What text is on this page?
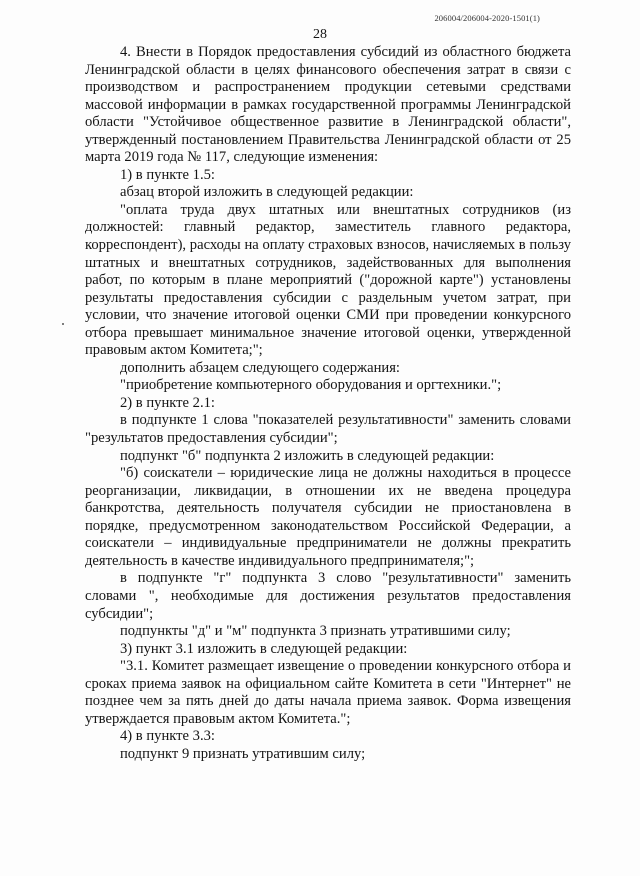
206004/206004-2020-1501(1)
28

4. Внести в Порядок предоставления субсидий из областного бюджета Ленинградской области в целях финансового обеспечения затрат в связи с производством и распространением продукции сетевыми средствами массовой информации в рамках государственной программы Ленинградской области "Устойчивое общественное развитие в Ленинградской области", утвержденный постановлением Правительства Ленинградской области от 25 марта 2019 года № 117, следующие изменения:

1) в пункте 1.5:

абзац второй изложить в следующей редакции:

"оплата труда двух штатных или внештатных сотрудников (из должностей: главный редактор, заместитель главного редактора, корреспондент), расходы на оплату страховых взносов, начисляемых в пользу штатных и внештатных сотрудников, задействованных для выполнения работ, по которым в плане мероприятий ("дорожной карте") установлены результаты предоставления субсидии с раздельным учетом затрат, при условии, что значение итоговой оценки СМИ при проведении конкурсного отбора превышает минимальное значение итоговой оценки, утвержденной правовым актом Комитета;";

дополнить абзацем следующего содержания:

"приобретение компьютерного оборудования и оргтехники.";

2) в пункте 2.1:

в подпункте 1 слова "показателей результативности" заменить словами "результатов предоставления субсидии";

подпункт "б" подпункта 2 изложить в следующей редакции:

"б) соискатели – юридические лица не должны находиться в процессе реорганизации, ликвидации, в отношении их не введена процедура банкротства, деятельность получателя субсидии не приостановлена в порядке, предусмотренном законодательством Российской Федерации, а соискатели – индивидуальные предприниматели не должны прекратить деятельность в качестве индивидуального предпринимателя;";

в подпункте "г" подпункта 3 слово "результативности" заменить словами ", необходимые для достижения результатов предоставления субсидии";

подпункты "д" и "м" подпункта 3 признать утратившими силу;

3) пункт 3.1 изложить в следующей редакции:

"3.1. Комитет размещает извещение о проведении конкурсного отбора и сроках приема заявок на официальном сайте Комитета в сети "Интернет" не позднее чем за пять дней до даты начала приема заявок. Форма извещения утверждается правовым актом Комитета.";

4) в пункте 3.3:

подпункт 9 признать утратившим силу;
